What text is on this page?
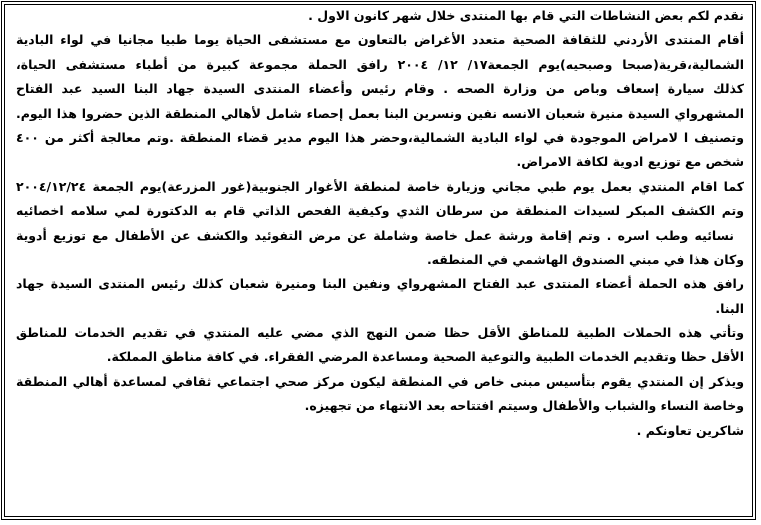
نقدم لكم بعض النشاطات التي قام بها المنتدى خلال شهر كانون الاول .
أقام المنتدى الأردني للثقافة الصحية متعدد الأغراض بالتعاون مع مستشفى الحياة يوما طبيا مجانيا في لواء البادية
الشمالية،قرية(صبحا وصبحيه)يوم الجمعة١٧/ ١٢/ ٢٠٠٤ رافق الحملة مجموعة كبيرة من أطباء مستشفى الحياة،
كذلك سيارة إسعاف وباص من وزارة الصحه . وقام رئيس وأعضاء المنتدى السيدة جهاد البنا السيد عبد الفتاح
المشهرواي السيدة منيرة شعبان الانسه نفين ونسرين البنا بعمل إحصاء شامل لأهالي المنطقة الذين حضروا هذا اليوم.
وتصنيف ا لامراض الموجودة في لواء البادية الشمالية،وحضر هذا اليوم مدير قضاء المنطقة .وتم معالجة أكثر من ٤٠٠
شخص مع توزيع ادوية لكافة الامراض.
كما اقام المنتدي بعمل يوم طبي مجاني وزيارة خاصة لمنطقة الأغوار الجنوبية(غور المزرعة)يوم الجمعة ٢٠٠٤/١٢/٢٤
وتم الكشف المبكر لسيدات المنطقة من سرطان الثدي وكيفية الفحص الذاتي قام به الدكتورة لمي سلامه اخصائيه
نسائيه وطب اسره . وتم إقامة ورشة عمل خاصة وشاملة عن مرض التفوئيد والكشف عن الأطفال مع توزيع أدوية
وكان هذا في مبني الصندوق الهاشمي في المنطقه.
رافق هذه الحملة أعضاء المنتدى عبد الفتاح المشهرواي ونفين البنا ومنيرة شعبان كذلك رئيس المنتدى السيدة جهاد
البنا.
وتأتي هذه الحملات الطبية للمناطق الأقل حظا ضمن النهج الذي مضي عليه المنتدي في تقديم الخدمات للمناطق
الأقل حظا وتقديم الخدمات الطبية والتوعية الصحية ومساعدة المرضي الفقراء. في كافة مناطق المملكة.
ويذكر إن المنتدي يقوم بتأسيس مبنى خاص في المنطقة ليكون مركز صحي اجتماعي ثقافي لمساعدة أهالي المنطقة
وخاصة النساء والشباب والأطفال وسيتم افتتاحه بعد الانتهاء من تجهيزه.
شاكرين تعاونكم .
